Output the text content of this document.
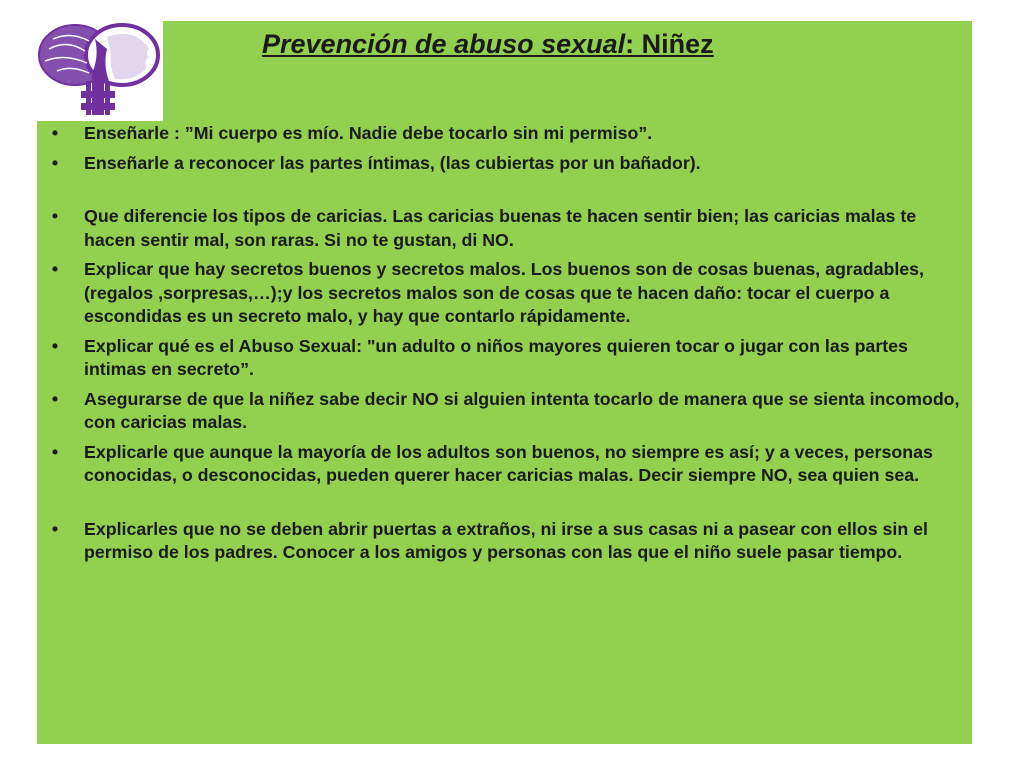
Prevención de abuso sexual: Niñez
• Enseñarle : ”Mi cuerpo es mío. Nadie debe tocarlo sin mi permiso”.
• Enseñarle a reconocer las partes íntimas, (las cubiertas por un bañador).
• Que diferencie los tipos de caricias. Las caricias buenas te hacen sentir bien; las caricias malas te hacen sentir mal, son raras. Si no te gustan, di NO.
• Explicar que hay secretos buenos y secretos malos. Los buenos son de cosas buenas, agradables,(regalos ,sorpresas,…);y los secretos malos son de cosas que te hacen daño: tocar el cuerpo a escondidas es un secreto malo, y hay que contarlo rápidamente.
• Explicar qué es el Abuso Sexual: "un adulto o niños mayores quieren tocar o jugar con las partes intimas en secreto”.
• Asegurarse de que la niñez sabe decir NO si alguien intenta tocarlo de manera que se sienta incomodo, con caricias malas.
• Explicarle que aunque la mayoría de los adultos son buenos, no siempre es así; y a veces, personas conocidas, o desconocidas, pueden querer hacer caricias malas. Decir siempre NO, sea quien sea.
• Explicarles que no se deben abrir puertas a extraños, ni irse a sus casas ni a pasear con ellos sin el permiso de los padres. Conocer a los amigos y personas con las que el niño suele pasar tiempo.
